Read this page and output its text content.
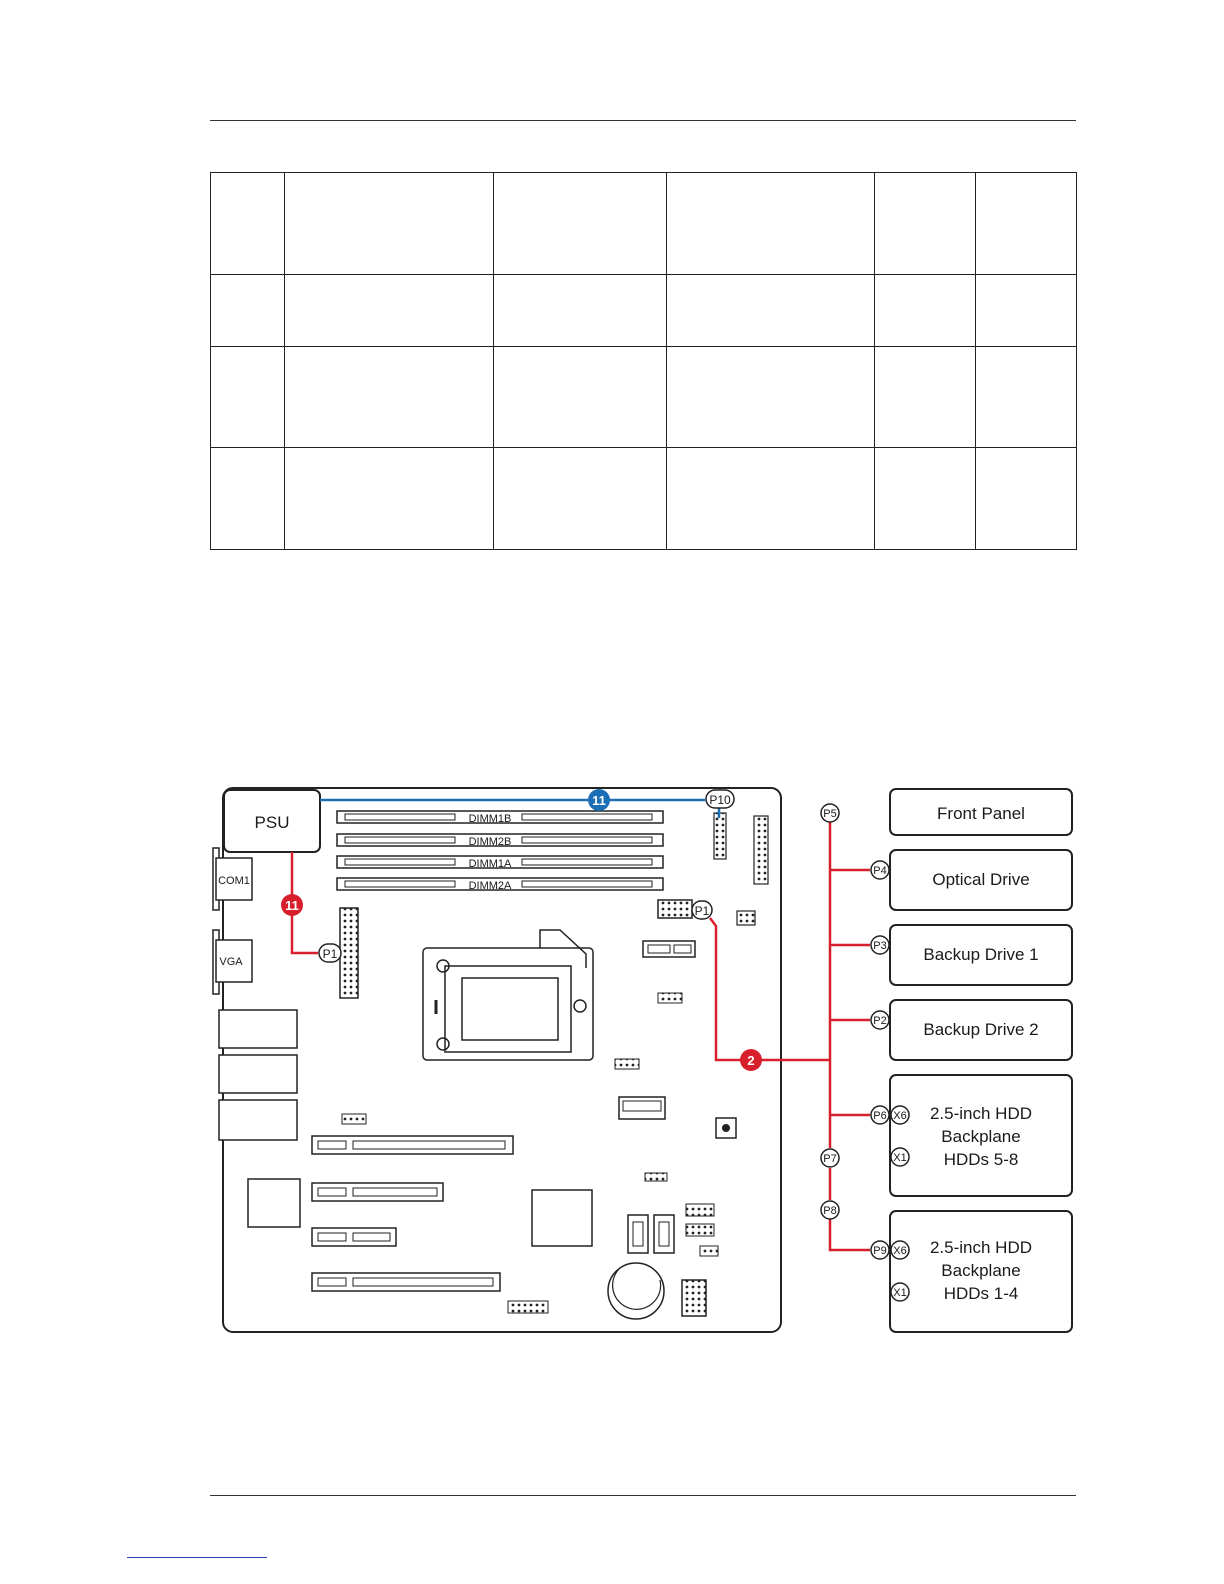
PSU
COM1
VGA
DIMM1B
DIMM2B
DIMM1A
DIMM2A
11
11
2
P10
P1
P1
P5
P4
P3
P2
P6 X6
X1
P7
P8
P9 X6
X1
Front Panel
Optical Drive
Backup Drive 1
Backup Drive 2
2.5-inch HDD
Backplane
HDDs 5-8
2.5-inch HDD
Backplane
HDDs 1-4
